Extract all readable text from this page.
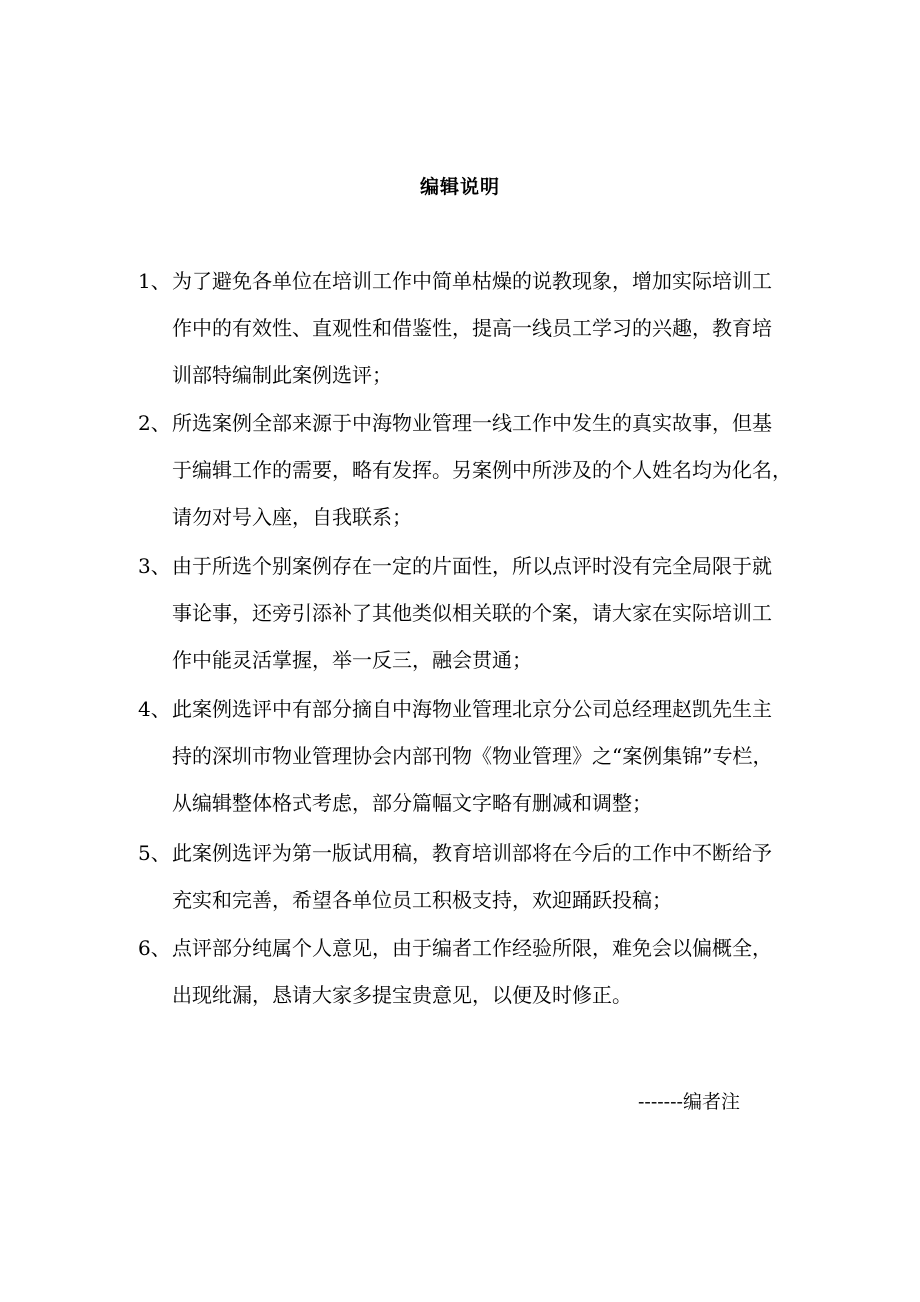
编辑说明
1、 为了避免各单位在培训工作中简单枯燥的说教现象，增加实际培训工
作中的有效性、直观性和借鉴性，提高一线员工学习的兴趣，教育培
训部特编制此案例选评；
2、 所选案例全部来源于中海物业管理一线工作中发生的真实故事，但基
于编辑工作的需要，略有发挥。另案例中所涉及的个人姓名均为化名，
请勿对号入座，自我联系；
3、 由于所选个别案例存在一定的片面性，所以点评时没有完全局限于就
事论事，还旁引添补了其他类似相关联的个案，请大家在实际培训工
作中能灵活掌握，举一反三，融会贯通；
4、 此案例选评中有部分摘自中海物业管理北京分公司总经理赵凯先生主
持的深圳市物业管理协会内部刊物《物业管理》之“案例集锦”专栏，
从编辑整体格式考虑，部分篇幅文字略有删减和调整；
5、 此案例选评为第一版试用稿，教育培训部将在今后的工作中不断给予
充实和完善，希望各单位员工积极支持，欢迎踊跃投稿；
6、 点评部分纯属个人意见，由于编者工作经验所限，难免会以偏概全，
出现纰漏，恳请大家多提宝贵意见，以便及时修正。
-------编者注
